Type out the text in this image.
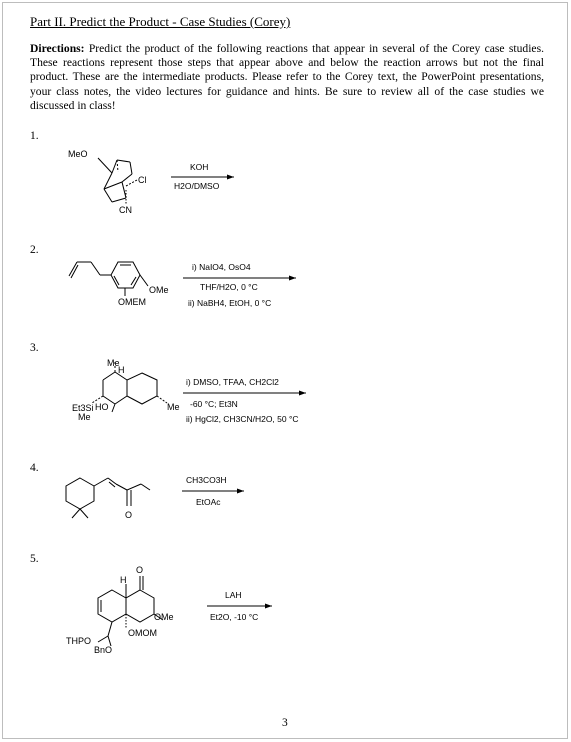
Part II. Predict the Product - Case Studies (Corey)
Directions: Predict the product of the following reactions that appear in several of the Corey case studies. These reactions represent those steps that appear above and below the reaction arrows but not the final product. These are the intermediate products. Please refer to the Corey text, the PowerPoint presentations, your class notes, the video lectures for guidance and hints. Be sure to review all of the case studies we discussed in class!
1.
2.
3.
4.
5.
MeO
Cl
CN
KOH
H2O/DMSO
OMe
OMEM
i) NaIO4, OsO4
THF/H2O, 0 °C
ii) NaBH4, EtOH, 0 °C
Me
H
Et3Si HO
Me
Me
i) DMSO, TFAA, CH2Cl2
-60 °C; Et3N
ii) HgCl2, CH3CN/H2O, 50 °C
O
CH3CO3H
EtOAc
O
H
OMe
OMOM
THPO
BnO
LAH
Et2O, -10 °C
3
